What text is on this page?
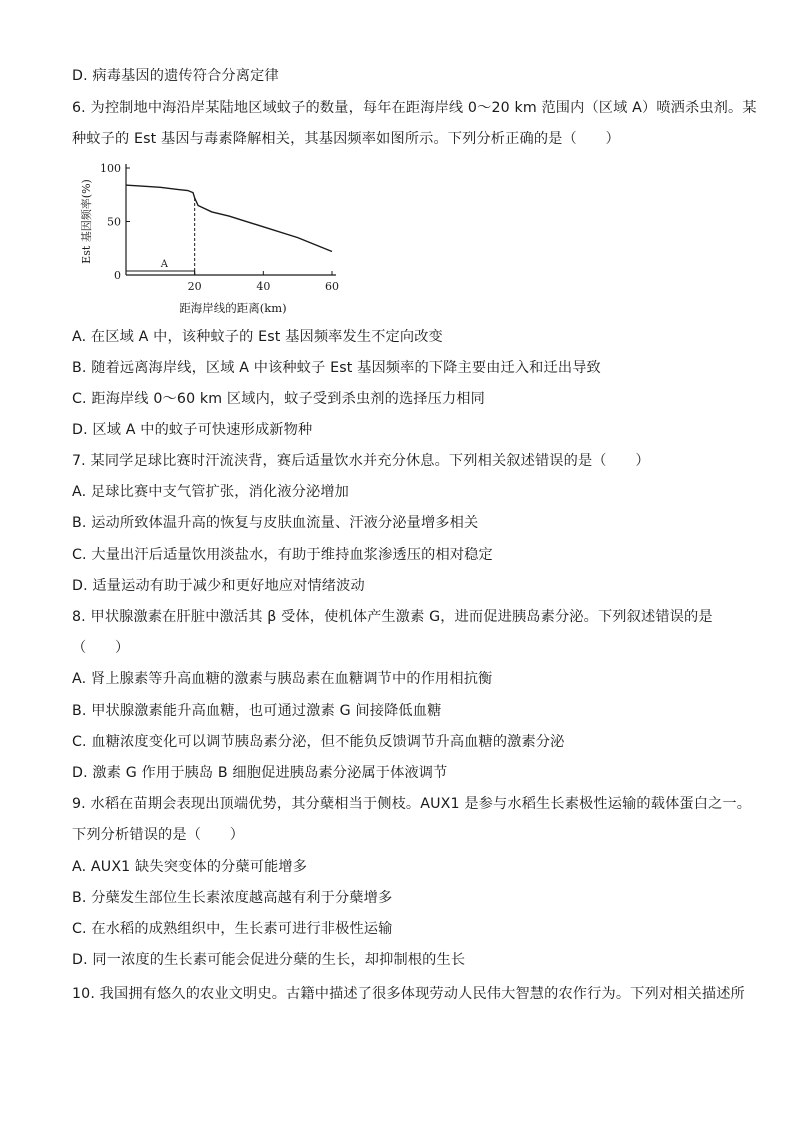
D. 病毒基因的遗传符合分离定律
6. 为控制地中海沿岸某陆地区域蚊子的数量，每年在距海岸线 0～20 km 范围内（区域 A）喷洒杀虫剂。某
种蚊子的 Est 基因与毒素降解相关，其基因频率如图所示。下列分析正确的是（　　）
100
50
0
20	40	60
A
Est 基因频率(%)
距海岸线的距离(km)
A. 在区域 A 中，该种蚊子的 Est 基因频率发生不定向改变
B. 随着远离海岸线，区域 A 中该种蚊子 Est 基因频率的下降主要由迁入和迁出导致
C. 距海岸线 0～60 km 区域内，蚊子受到杀虫剂的选择压力相同
D. 区域 A 中的蚊子可快速形成新物种
7. 某同学足球比赛时汗流浃背，赛后适量饮水并充分休息。下列相关叙述错误的是（　　）
A. 足球比赛中支气管扩张，消化液分泌增加
B. 运动所致体温升高的恢复与皮肤血流量、汗液分泌量增多相关
C. 大量出汗后适量饮用淡盐水，有助于维持血浆渗透压的相对稳定
D. 适量运动有助于减少和更好地应对情绪波动
8. 甲状腺激素在肝脏中激活其 β 受体，使机体产生激素 G，进而促进胰岛素分泌。下列叙述错误的是
（　　）
A. 肾上腺素等升高血糖的激素与胰岛素在血糖调节中的作用相抗衡
B. 甲状腺激素能升高血糖，也可通过激素 G 间接降低血糖
C. 血糖浓度变化可以调节胰岛素分泌，但不能负反馈调节升高血糖的激素分泌
D. 激素 G 作用于胰岛 B 细胞促进胰岛素分泌属于体液调节
9. 水稻在苗期会表现出顶端优势，其分蘖相当于侧枝。AUX1 是参与水稻生长素极性运输的载体蛋白之一。
下列分析错误的是（　　）
A. AUX1 缺失突变体的分蘖可能增多
B. 分蘖发生部位生长素浓度越高越有利于分蘖增多
C. 在水稻的成熟组织中，生长素可进行非极性运输
D. 同一浓度的生长素可能会促进分蘖的生长，却抑制根的生长
10. 我国拥有悠久的农业文明史。古籍中描述了很多体现劳动人民伟大智慧的农作行为。下列对相关描述所
